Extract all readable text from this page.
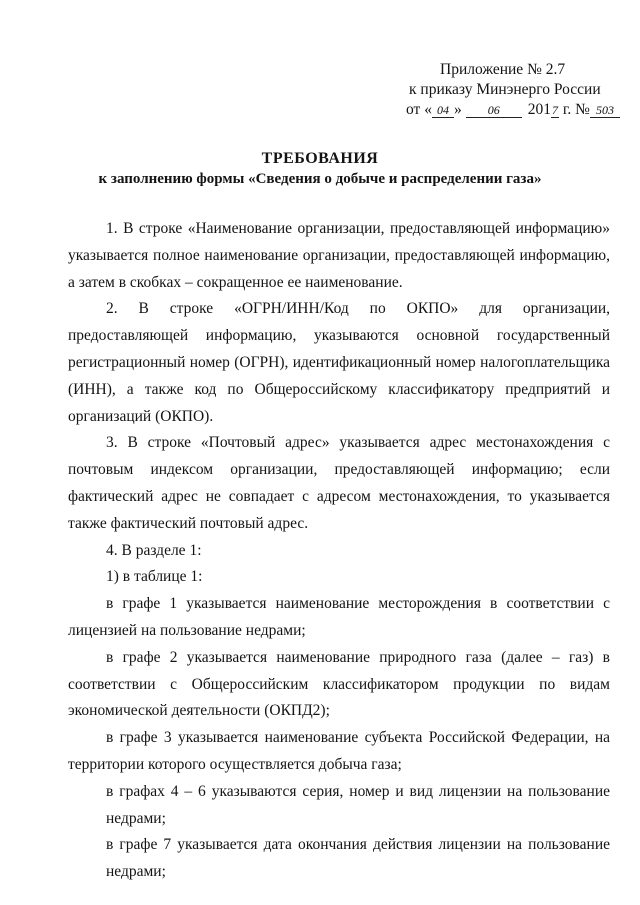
Приложение № 2.7
к приказу Минэнерго России
от « 04 » 06 2017 г. № 503
ТРЕБОВАНИЯ
к заполнению формы «Сведения о добыче и распределении газа»

1. В строке «Наименование организации, предоставляющей информацию» указывается полное наименование организации, предоставляющей информацию, а затем в скобках – сокращенное ее наименование.

2. В строке «ОГРН/ИНН/Код по ОКПО» для организации, предоставляющей информацию, указываются основной государственный регистрационный номер (ОГРН), идентификационный номер налогоплательщика (ИНН), а также код по Общероссийскому классификатору предприятий и организаций (ОКПО).

3. В строке «Почтовый адрес» указывается адрес местонахождения с почтовым индексом организации, предоставляющей информацию; если фактический адрес не совпадает с адресом местонахождения, то указывается также фактический почтовый адрес.

4. В разделе 1:

1) в таблице 1:

в графе 1 указывается наименование месторождения в соответствии с лицензией на пользование недрами;

в графе 2 указывается наименование природного газа (далее – газ) в соответствии с Общероссийским классификатором продукции по видам экономической деятельности (ОКПД2);

в графе 3 указывается наименование субъекта Российской Федерации, на территории которого осуществляется добыча газа;

в графах 4 – 6 указываются серия, номер и вид лицензии на пользование недрами;

в графе 7 указывается дата окончания действия лицензии на пользование недрами;
